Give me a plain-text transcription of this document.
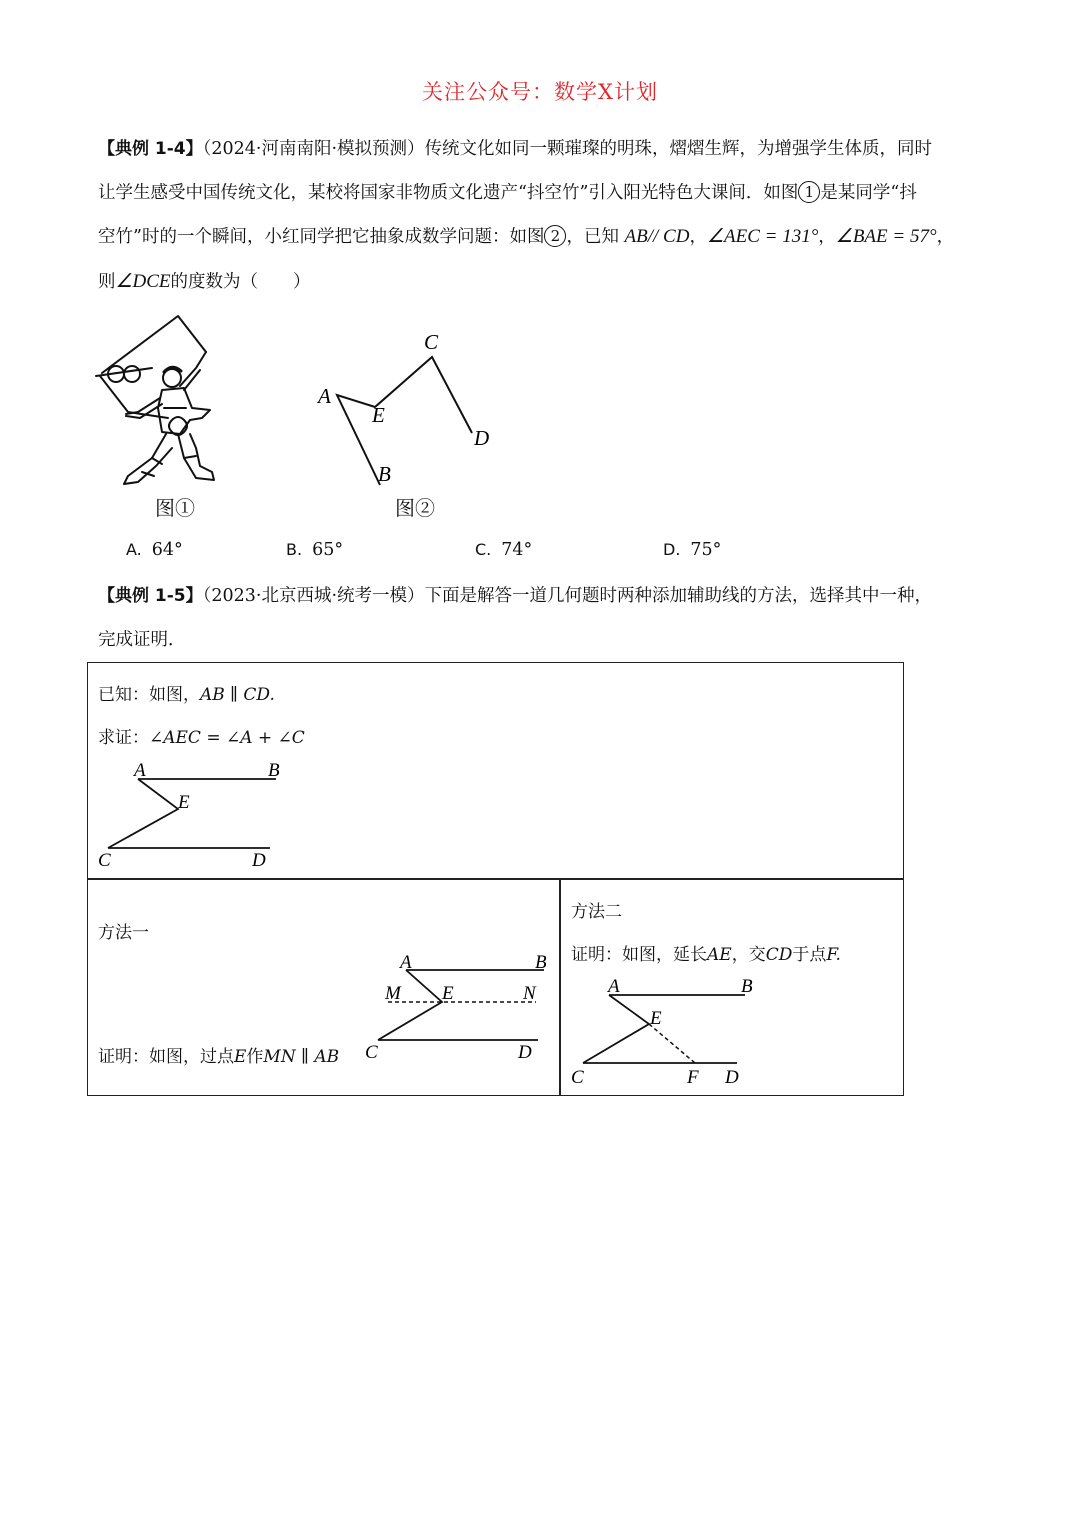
关注公众号：数学X计划
【典例 1-4】（2024·河南南阳·模拟预测）传统文化如同一颗璀璨的明珠，熠熠生辉，为增强学生体质，同时
让学生感受中国传统文化，某校将国家非物质文化遗产“抖空竹”引入阳光特色大课间．如图 1 是某同学“抖
空竹”时的一个瞬间，小红同学把它抽象成数学问题：如图 2 ，已知 AB// CD，∠AEC = 131°，∠BAE = 57°，
则∠DCE的度数为（　　）
图①
A
B
C
D
E
图②
A. 64°	B. 65°	C. 74°	D. 75°
【典例 1-5】（2023·北京西城·统考一模）下面是解答一道几何题时两种添加辅助线的方法，选择其中一种，
完成证明．
已知：如图，AB ∥ CD.
求证：∠AEC = ∠A + ∠C
A	B
E
C	D
方法一
证明：如图，过点E作MN ∥ AB
A	B
M E	N
C	D
方法二
证明：如图，延长AE，交CD于点F.
A	B
E
C	F D
